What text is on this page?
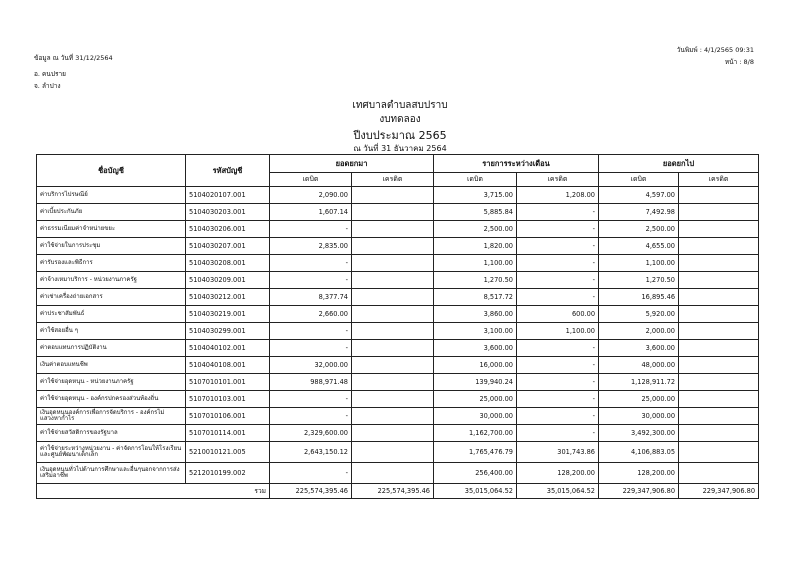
ข้อมูล ณ วันที่ 31/12/2564
อ. คนปราย
จ. ลำปาง
วันพิมพ์ : 4/1/2565 09:31
หน้า : 8/8
เทศบาลตำบลสบปราบ
งบทดลอง
ปีงบประมาณ 2565
ณ วันที่ 31 ธันวาคม 2564
ชื่อบัญชี	รหัสบัญชี	ยอดยกมา		รายการระหว่างเดือน		ยอดยกไป	
		เดบิต	เครดิต	เดบิต	เครดิต	เดบิต	เครดิต
ค่าบริการไปรษณีย์	5104020107.001	2,090.00		3,715.00	1,208.00	4,597.00	
ค่าเบี้ยประกันภัย	5104030203.001	1,607.14		5,885.84	-	7,492.98	
ค่าธรรมเนียมค่าจำหน่ายขยะ	5104030206.001	-		2,500.00	-	2,500.00	
ค่าใช้จ่ายในการประชุม	5104030207.001	2,835.00		1,820.00	-	4,655.00	
ค่ารับรองและพิธีการ	5104030208.001	-		1,100.00	-	1,100.00	
ค่าจ้างเหมาบริการ - หน่วยงานภาครัฐ	5104030209.001	-		1,270.50	-	1,270.50	
ค่าเช่าเครื่องถ่ายเอกสาร	5104030212.001	8,377.74		8,517.72	-	16,895.46	
ค่าประชาสัมพันธ์	5104030219.001	2,660.00		3,860.00	600.00	5,920.00	
ค่าใช้สอยอื่น ๆ	5104030299.001	-		3,100.00	1,100.00	2,000.00	
ค่าตอบแทนการปฏิบัติงาน	5104040102.001	-		3,600.00	-	3,600.00	
เงินค่าตอบแทนชีพ	5104040108.001	32,000.00		16,000.00	-	48,000.00	
ค่าใช้จ่ายอุดหนุน - หน่วยงานภาครัฐ	5107010101.001	988,971.48		139,940.24	-	1,128,911.72	
ค่าใช้จ่ายอุดหนุน - องค์กรปกครองส่วนท้องถิ่น	5107010103.001	-		25,000.00	-	25,000.00	
เงินอุดหนุนองค์การเพื่อการจัดบริการ - องค์กรไม่แสวงหากำไร	5107010106.001	-		30,000.00	-	30,000.00	
ค่าใช้จ่ายสวัสดิการของรัฐบาล	5107010114.001	2,329,600.00		1,162,700.00	-	3,492,300.00	
ค่าใช้จ่ายระหว่างหน่วยงาน - ค่าจัดการโอนให้โรงเรียน และศูนย์พัฒนาเด็กเล็ก	5210010121.005	2,643,150.12		1,765,476.79	301,743.86	4,106,883.05	
เงินอุดหนุนทั่วไปด้านการศึกษาและอื่นๆนอกจากการส่งเสริมอาชีพ	5212010199.002	-		256,400.00	128,200.00	128,200.00	
รวม		225,574,395.46	225,574,395.46	35,015,064.52	35,015,064.52	229,347,906.80	229,347,906.80
